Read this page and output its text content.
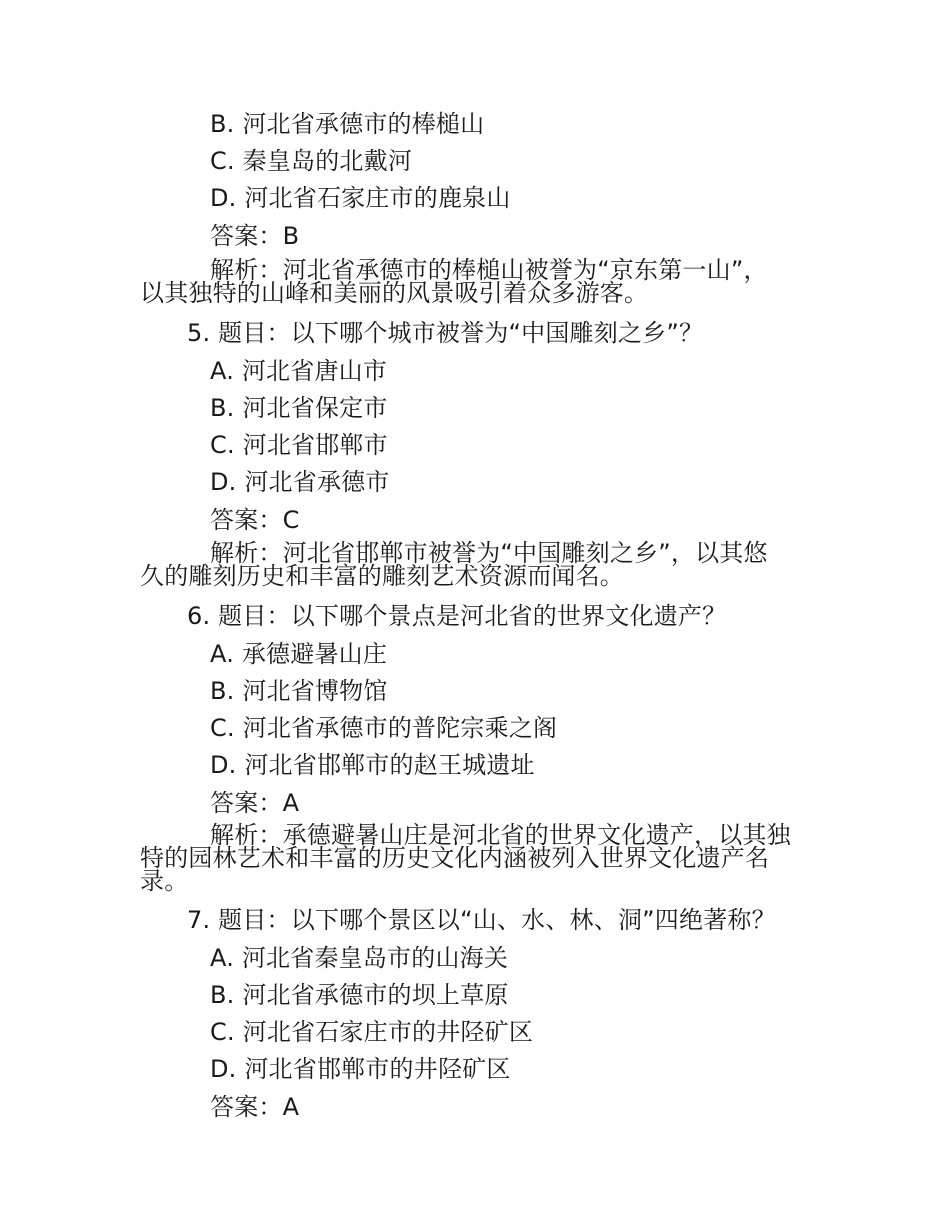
B. 河北省承德市的棒槌山
C. 秦皇岛的北戴河
D. 河北省石家庄市的鹿泉山
答案：B
解析：河北省承德市的棒槌山被誉为“京东第一山”，
以其独特的山峰和美丽的风景吸引着众多游客。
5. 题目：以下哪个城市被誉为“中国雕刻之乡”？
A. 河北省唐山市
B. 河北省保定市
C. 河北省邯郸市
D. 河北省承德市
答案：C
解析：河北省邯郸市被誉为“中国雕刻之乡”，以其悠
久的雕刻历史和丰富的雕刻艺术资源而闻名。
6. 题目：以下哪个景点是河北省的世界文化遗产？
A. 承德避暑山庄
B. 河北省博物馆
C. 河北省承德市的普陀宗乘之阁
D. 河北省邯郸市的赵王城遗址
答案：A
解析：承德避暑山庄是河北省的世界文化遗产，以其独
特的园林艺术和丰富的历史文化内涵被列入世界文化遗产名
录。
7. 题目：以下哪个景区以“山、水、林、洞”四绝著称？
A. 河北省秦皇岛市的山海关
B. 河北省承德市的坝上草原
C. 河北省石家庄市的井陉矿区
D. 河北省邯郸市的井陉矿区
答案：A
